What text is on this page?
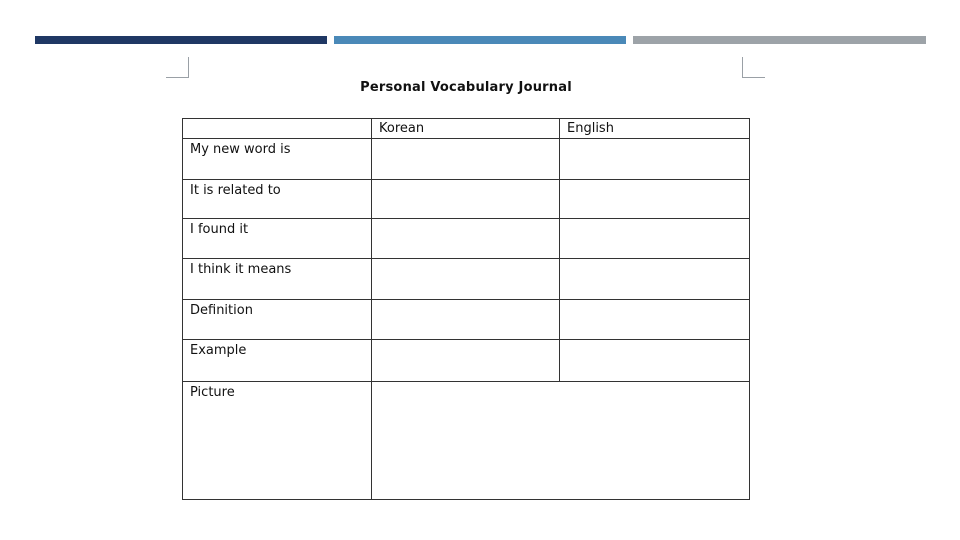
Personal Vocabulary Journal
	Korean	English
My new word is		
It is related to		
I found it		
I think it means		
Definition		
Example		
Picture		
